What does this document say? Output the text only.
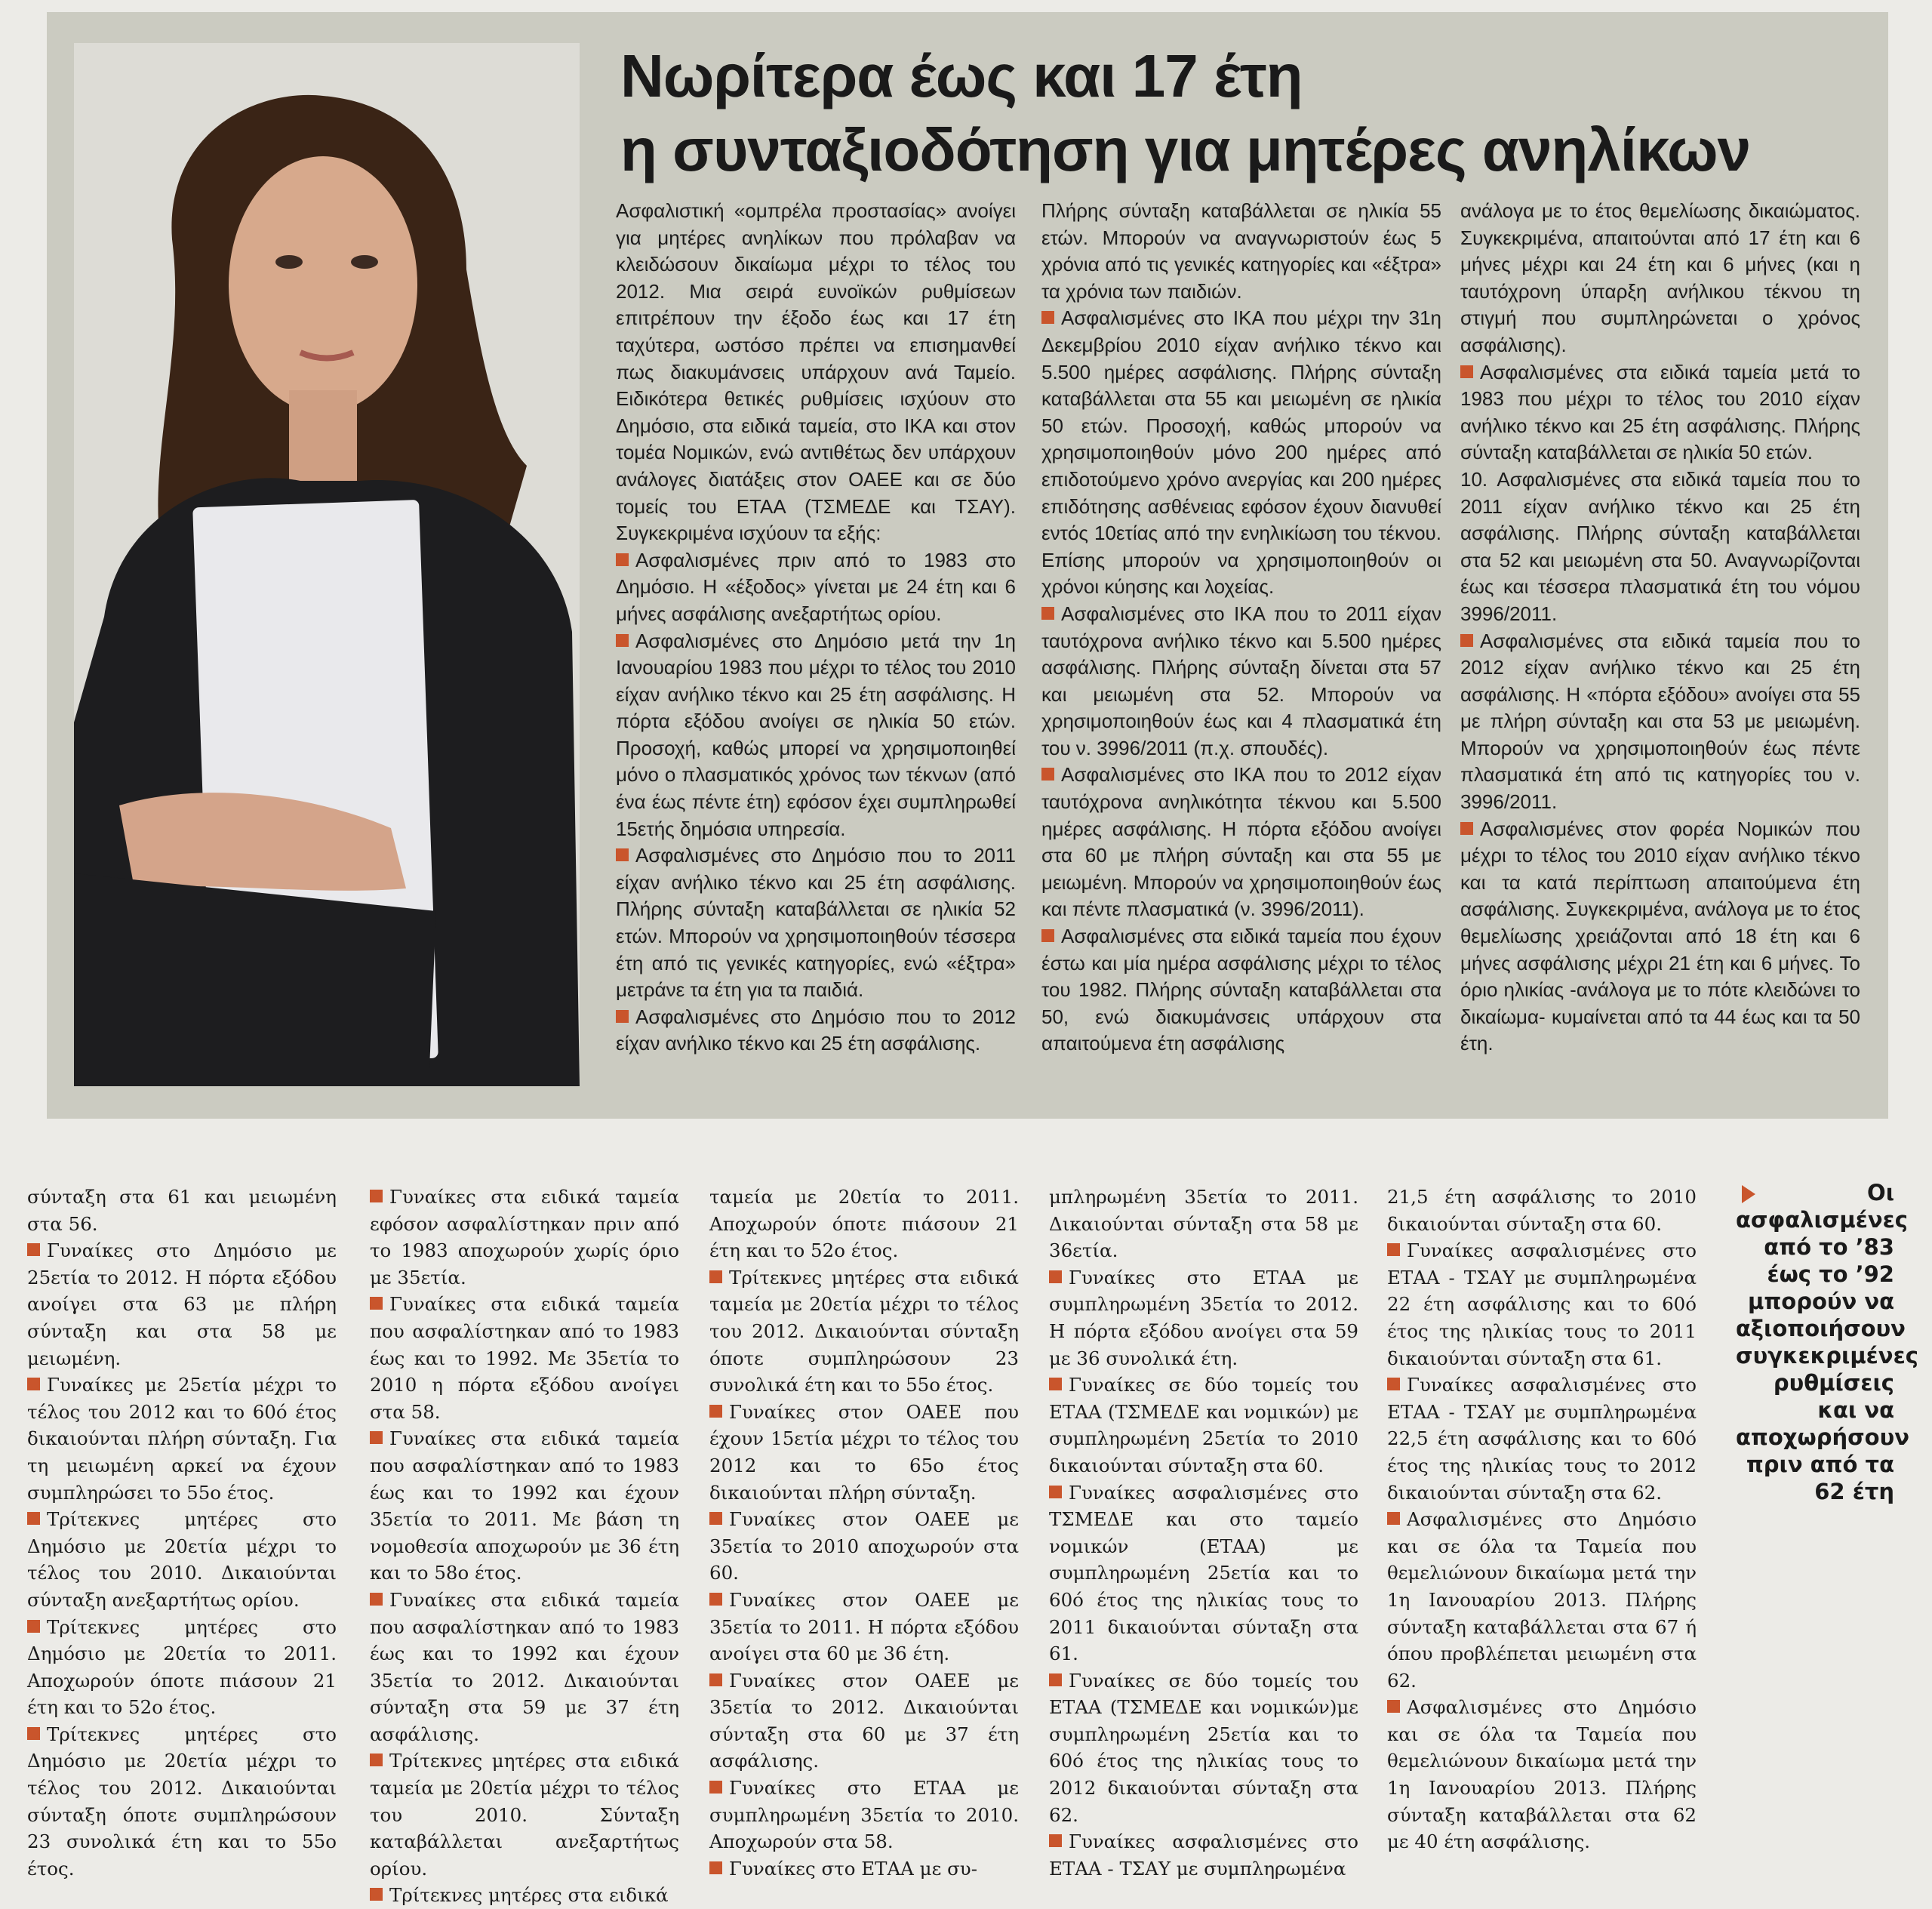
Νωρίτερα έως και 17 έτη
η συνταξιοδότηση για μητέρες ανηλίκων
Οι ασφαλισμένες από το ’83 έως το ’92 μπορούν να αξιοποιήσουν συγκεκριμένες ρυθμίσεις και να αποχωρήσουν πριν από τα 62 έτη

Ασφαλιστική «ομπρέλα προστασίας» ανοίγει για μητέρες ανηλίκων που πρόλαβαν να κλειδώσουν δικαίωμα μέχρι το τέλος του 2012. Μια σειρά ευνοϊκών ρυθμίσεων επιτρέπουν την έξοδο έως και 17 έτη ταχύτερα, ωστόσο πρέπει να επισημανθεί πως διακυμάνσεις υπάρχουν ανά Ταμείο. Ειδικότερα θετικές ρυθμίσεις ισχύουν στο Δημόσιο, στα ειδικά ταμεία, στο ΙΚΑ και στον τομέα Νομικών, ενώ αντιθέτως δεν υπάρχουν ανάλογες διατάξεις στον ΟΑΕΕ και σε δύο τομείς του ΕΤΑΑ (ΤΣΜΕΔΕ και ΤΣΑΥ). Συγκεκριμένα ισχύουν τα εξής:

Ασφαλισμένες πριν από το 1983 στο Δημόσιο. Η «έξοδος» γίνεται με 24 έτη και 6 μήνες ασφάλισης ανεξαρτήτως ορίου.

Ασφαλισμένες στο Δημόσιο μετά την 1η Ιανουαρίου 1983 που μέχρι το τέλος του 2010 είχαν ανήλικο τέκνο και 25 έτη ασφάλισης. Η πόρτα εξόδου ανοίγει σε ηλικία 50 ετών. Προσοχή, καθώς μπορεί να χρησιμοποιηθεί μόνο ο πλασματικός χρόνος των τέκνων (από ένα έως πέντε έτη) εφόσον έχει συμπληρωθεί 15ετής δημόσια υπηρεσία.

Ασφαλισμένες στο Δημόσιο που το 2011 είχαν ανήλικο τέκνο και 25 έτη ασφάλισης. Πλήρης σύνταξη καταβάλλεται σε ηλικία 52 ετών. Μπορούν να χρησιμοποιηθούν τέσσερα έτη από τις γενικές κατηγορίες, ενώ «έξτρα» μετράνε τα έτη για τα παιδιά.

Ασφαλισμένες στο Δημόσιο που το 2012 είχαν ανήλικο τέκνο και 25 έτη ασφάλισης.

Πλήρης σύνταξη καταβάλλεται σε ηλικία 55 ετών. Μπορούν να αναγνωριστούν έως 5 χρόνια από τις γενικές κατηγορίες και «έξτρα» τα χρόνια των παιδιών.

Ασφαλισμένες στο ΙΚΑ που μέχρι την 31η Δεκεμβρίου 2010 είχαν ανήλικο τέκνο και 5.500 ημέρες ασφάλισης. Πλήρης σύνταξη καταβάλλεται στα 55 και μειωμένη σε ηλικία 50 ετών. Προσοχή, καθώς μπορούν να χρησιμοποιηθούν μόνο 200 ημέρες από επιδοτούμενο χρόνο ανεργίας και 200 ημέρες επιδότησης ασθένειας εφόσον έχουν διανυθεί εντός 10ετίας από την ενηλικίωση του τέκνου. Επίσης μπορούν να χρησιμοποιηθούν οι χρόνοι κύησης και λοχείας.

Ασφαλισμένες στο ΙΚΑ που το 2011 είχαν ταυτόχρονα ανήλικο τέκνο και 5.500 ημέρες ασφάλισης. Πλήρης σύνταξη δίνεται στα 57 και μειωμένη στα 52. Μπορούν να χρησιμοποιηθούν έως και 4 πλασματικά έτη του ν. 3996/2011 (π.χ. σπουδές).

Ασφαλισμένες στο ΙΚΑ που το 2012 είχαν ταυτόχρονα ανηλικότητα τέκνου και 5.500 ημέρες ασφάλισης. Η πόρτα εξόδου ανοίγει στα 60 με πλήρη σύνταξη και στα 55 με μειωμένη. Μπορούν να χρησιμοποιηθούν έως και πέντε πλασματικά (ν. 3996/2011).

Ασφαλισμένες στα ειδικά ταμεία που έχουν έστω και μία ημέρα ασφάλισης μέχρι το τέλος του 1982. Πλήρης σύνταξη καταβάλλεται στα 50, ενώ διακυμάνσεις υπάρχουν στα απαιτούμενα έτη ασφάλισης

ανάλογα με το έτος θεμελίωσης δικαιώματος. Συγκεκριμένα, απαιτούνται από 17 έτη και 6 μήνες μέχρι και 24 έτη και 6 μήνες (και η ταυτόχρονη ύπαρξη ανήλικου τέκνου τη στιγμή που συμπληρώνεται ο χρόνος ασφάλισης).

Ασφαλισμένες στα ειδικά ταμεία μετά το 1983 που μέχρι το τέλος του 2010 είχαν ανήλικο τέκνο και 25 έτη ασφάλισης. Πλήρης σύνταξη καταβάλλεται σε ηλικία 50 ετών.

10. Ασφαλισμένες στα ειδικά ταμεία που το 2011 είχαν ανήλικο τέκνο και 25 έτη ασφάλισης. Πλήρης σύνταξη καταβάλλεται στα 52 και μειωμένη στα 50. Αναγνωρίζονται έως και τέσσερα πλασματικά έτη του νόμου 3996/2011.

Ασφαλισμένες στα ειδικά ταμεία που το 2012 είχαν ανήλικο τέκνο και 25 έτη ασφάλισης. Η «πόρτα εξόδου» ανοίγει στα 55 με πλήρη σύνταξη και στα 53 με μειωμένη. Μπορούν να χρησιμοποιηθούν έως πέντε πλασματικά έτη από τις κατηγορίες του ν. 3996/2011.

Ασφαλισμένες στον φορέα Νομικών που μέχρι το τέλος του 2010 είχαν ανήλικο τέκνο και τα κατά περίπτωση απαιτούμενα έτη ασφάλισης. Συγκεκριμένα, ανάλογα με το έτος θεμελίωσης χρειάζονται από 18 έτη και 6 μήνες ασφάλισης μέχρι 21 έτη και 6 μήνες. Το όριο ηλικίας -ανάλογα με το πότε κλειδώνει το δικαίωμα- κυμαίνεται από τα 44 έως και τα 50 έτη.

σύνταξη στα 61 και μειωμένη στα 56.

Γυναίκες στο Δημόσιο με 25ετία το 2012. Η πόρτα εξόδου ανοίγει στα 63 με πλήρη σύνταξη και στα 58 με μειωμένη.

Γυναίκες με 25ετία μέχρι το τέλος του 2012 και το 60ό έτος δικαιούνται πλήρη σύνταξη. Για τη μειωμένη αρκεί να έχουν συμπληρώσει το 55ο έτος.

Τρίτεκνες μητέρες στο Δημόσιο με 20ετία μέχρι το τέλος του 2010. Δικαιούνται σύνταξη ανεξαρτήτως ορίου.

Τρίτεκνες μητέρες στο Δημόσιο με 20ετία το 2011. Αποχωρούν όποτε πιάσουν 21 έτη και το 52ο έτος.

Τρίτεκνες μητέρες στο Δημόσιο με 20ετία μέχρι το τέλος του 2012. Δικαιούνται σύνταξη όποτε συμπληρώσουν 23 συνολικά έτη και το 55ο έτος.

Γυναίκες στα ειδικά ταμεία εφόσον ασφαλίστηκαν πριν από το 1983 αποχωρούν χωρίς όριο με 35ετία.

Γυναίκες στα ειδικά ταμεία που ασφαλίστηκαν από το 1983 έως και το 1992. Με 35ετία το 2010 η πόρτα εξόδου ανοίγει στα 58.

Γυναίκες στα ειδικά ταμεία που ασφαλίστηκαν από το 1983 έως και το 1992 και έχουν 35ετία το 2011. Με βάση τη νομοθεσία αποχωρούν με 36 έτη και το 58ο έτος.

Γυναίκες στα ειδικά ταμεία που ασφαλίστηκαν από το 1983 έως και το 1992 και έχουν 35ετία το 2012. Δικαιούνται σύνταξη στα 59 με 37 έτη ασφάλισης.

Τρίτεκνες μητέρες στα ειδικά ταμεία με 20ετία μέχρι το τέλος του 2010. Σύνταξη καταβάλλεται ανεξαρτήτως ορίου.

Τρίτεκνες μητέρες στα ειδικά

ταμεία με 20ετία το 2011. Αποχωρούν όποτε πιάσουν 21 έτη και το 52ο έτος.

Τρίτεκνες μητέρες στα ειδικά ταμεία με 20ετία μέχρι το τέλος του 2012. Δικαιούνται σύνταξη όποτε συμπληρώσουν 23 συνολικά έτη και το 55ο έτος.

Γυναίκες στον ΟΑΕΕ που έχουν 15ετία μέχρι το τέλος του 2012 και το 65ο έτος δικαιούνται πλήρη σύνταξη.

Γυναίκες στον ΟΑΕΕ με 35ετία το 2010 αποχωρούν στα 60.

Γυναίκες στον ΟΑΕΕ με 35ετία το 2011. Η πόρτα εξόδου ανοίγει στα 60 με 36 έτη.

Γυναίκες στον ΟΑΕΕ με 35ετία το 2012. Δικαιούνται σύνταξη στα 60 με 37 έτη ασφάλισης.

Γυναίκες στο ΕΤΑΑ με συμπληρωμένη 35ετία το 2010. Αποχωρούν στα 58.

Γυναίκες στο ΕΤΑΑ με συ-

μπληρωμένη 35ετία το 2011. Δικαιούνται σύνταξη στα 58 με 36ετία.

Γυναίκες στο ΕΤΑΑ με συμπληρωμένη 35ετία το 2012. Η πόρτα εξόδου ανοίγει στα 59 με 36 συνολικά έτη.

Γυναίκες σε δύο τομείς του ΕΤΑΑ (ΤΣΜΕΔΕ και νομικών) με συμπληρωμένη 25ετία το 2010 δικαιούνται σύνταξη στα 60.

Γυναίκες ασφαλισμένες στο ΤΣΜΕΔΕ και στο ταμείο νομικών (ΕΤΑΑ) με συμπληρωμένη 25ετία και το 60ό έτος της ηλικίας τους το 2011 δικαιούνται σύνταξη στα 61.

Γυναίκες σε δύο τομείς του ΕΤΑΑ (ΤΣΜΕΔΕ και νομικών)με συμπληρωμένη 25ετία και το 60ό έτος της ηλικίας τους το 2012 δικαιούνται σύνταξη στα 62.

Γυναίκες ασφαλισμένες στο ΕΤΑΑ - ΤΣΑΥ με συμπληρωμένα

21,5 έτη ασφάλισης το 2010 δικαιούνται σύνταξη στα 60.

Γυναίκες ασφαλισμένες στο ΕΤΑΑ - ΤΣΑΥ με συμπληρωμένα 22 έτη ασφάλισης και το 60ό έτος της ηλικίας τους το 2011 δικαιούνται σύνταξη στα 61.

Γυναίκες ασφαλισμένες στο ΕΤΑΑ - ΤΣΑΥ με συμπληρωμένα 22,5 έτη ασφάλισης και το 60ό έτος της ηλικίας τους το 2012 δικαιούνται σύνταξη στα 62.

Ασφαλισμένες στο Δημόσιο και σε όλα τα Ταμεία που θεμελιώνουν δικαίωμα μετά την 1η Ιανουαρίου 2013. Πλήρης σύνταξη καταβάλλεται στα 67 ή όπου προβλέπεται μειωμένη στα 62.

Ασφαλισμένες στο Δημόσιο και σε όλα τα Ταμεία που θεμελιώνουν δικαίωμα μετά την 1η Ιανουαρίου 2013. Πλήρης σύνταξη καταβάλλεται στα 62 με 40 έτη ασφάλισης.
